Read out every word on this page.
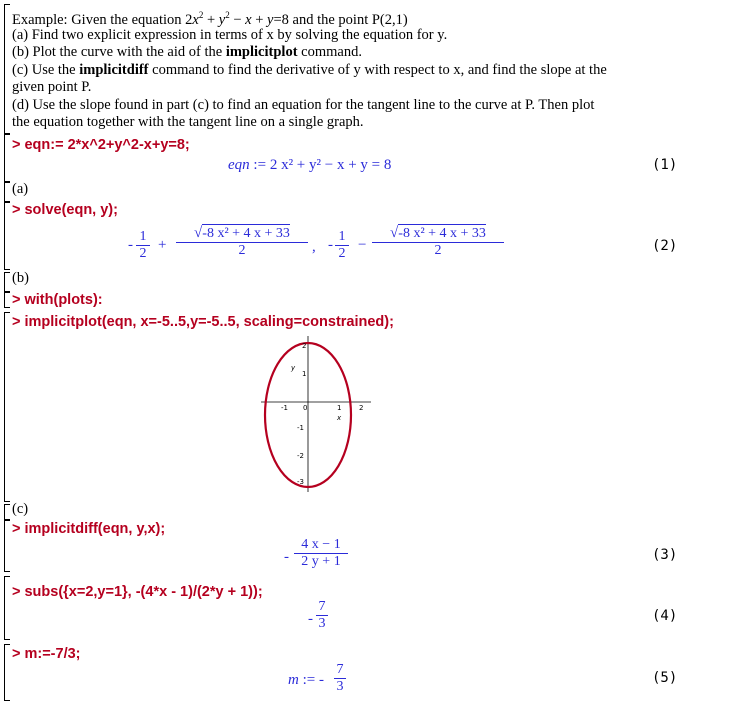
Example: Given the equation $2x^2 + y^2 - x + y=8$ and the point P(2,1)
(a) Find two explicit expression in terms of x by solving the equation for y.
(b) Plot the curve with the aid of the implicitplot command.
(c) Use the implicitdiff command to find the derivative of y with respect to x, and find the slope at the
given point P.
(d) Use the slope found in part (c) to find an equation for the tangent line to the curve at P. Then plot
the equation together with the tangent line on a single graph.
> eqn:= 2*x^2+y^2-x+y=8;
eqn := 2 x² + y² − x + y = 8	(1)
(a)
> solve(eqn, y);
- $\frac{1}{2} + \frac{\text{√-8 x² + 4 x + 33}}{2}$ , - $\frac{1}{2} - \frac{\text{√-8 x² + 4 x + 33}}{2}$	(2)
(b)
> with(plots):
> implicitplot(eqn, x=-5..5,y=-5..5, scaling=constrained);
-1 0	1	2
2
1
-1
-2
-3
x
y
(c)
> implicitdiff(eqn, y,x);
- $\frac{4 x - 1}{2 y + 1}$	(3)
> subs({x=2,y=1}, -(4*x - 1)/(2*y + 1));
- $\frac{7}{3}$	(4)
> m:=-7/3;
m := - $\frac{7}{3}$	(5)
